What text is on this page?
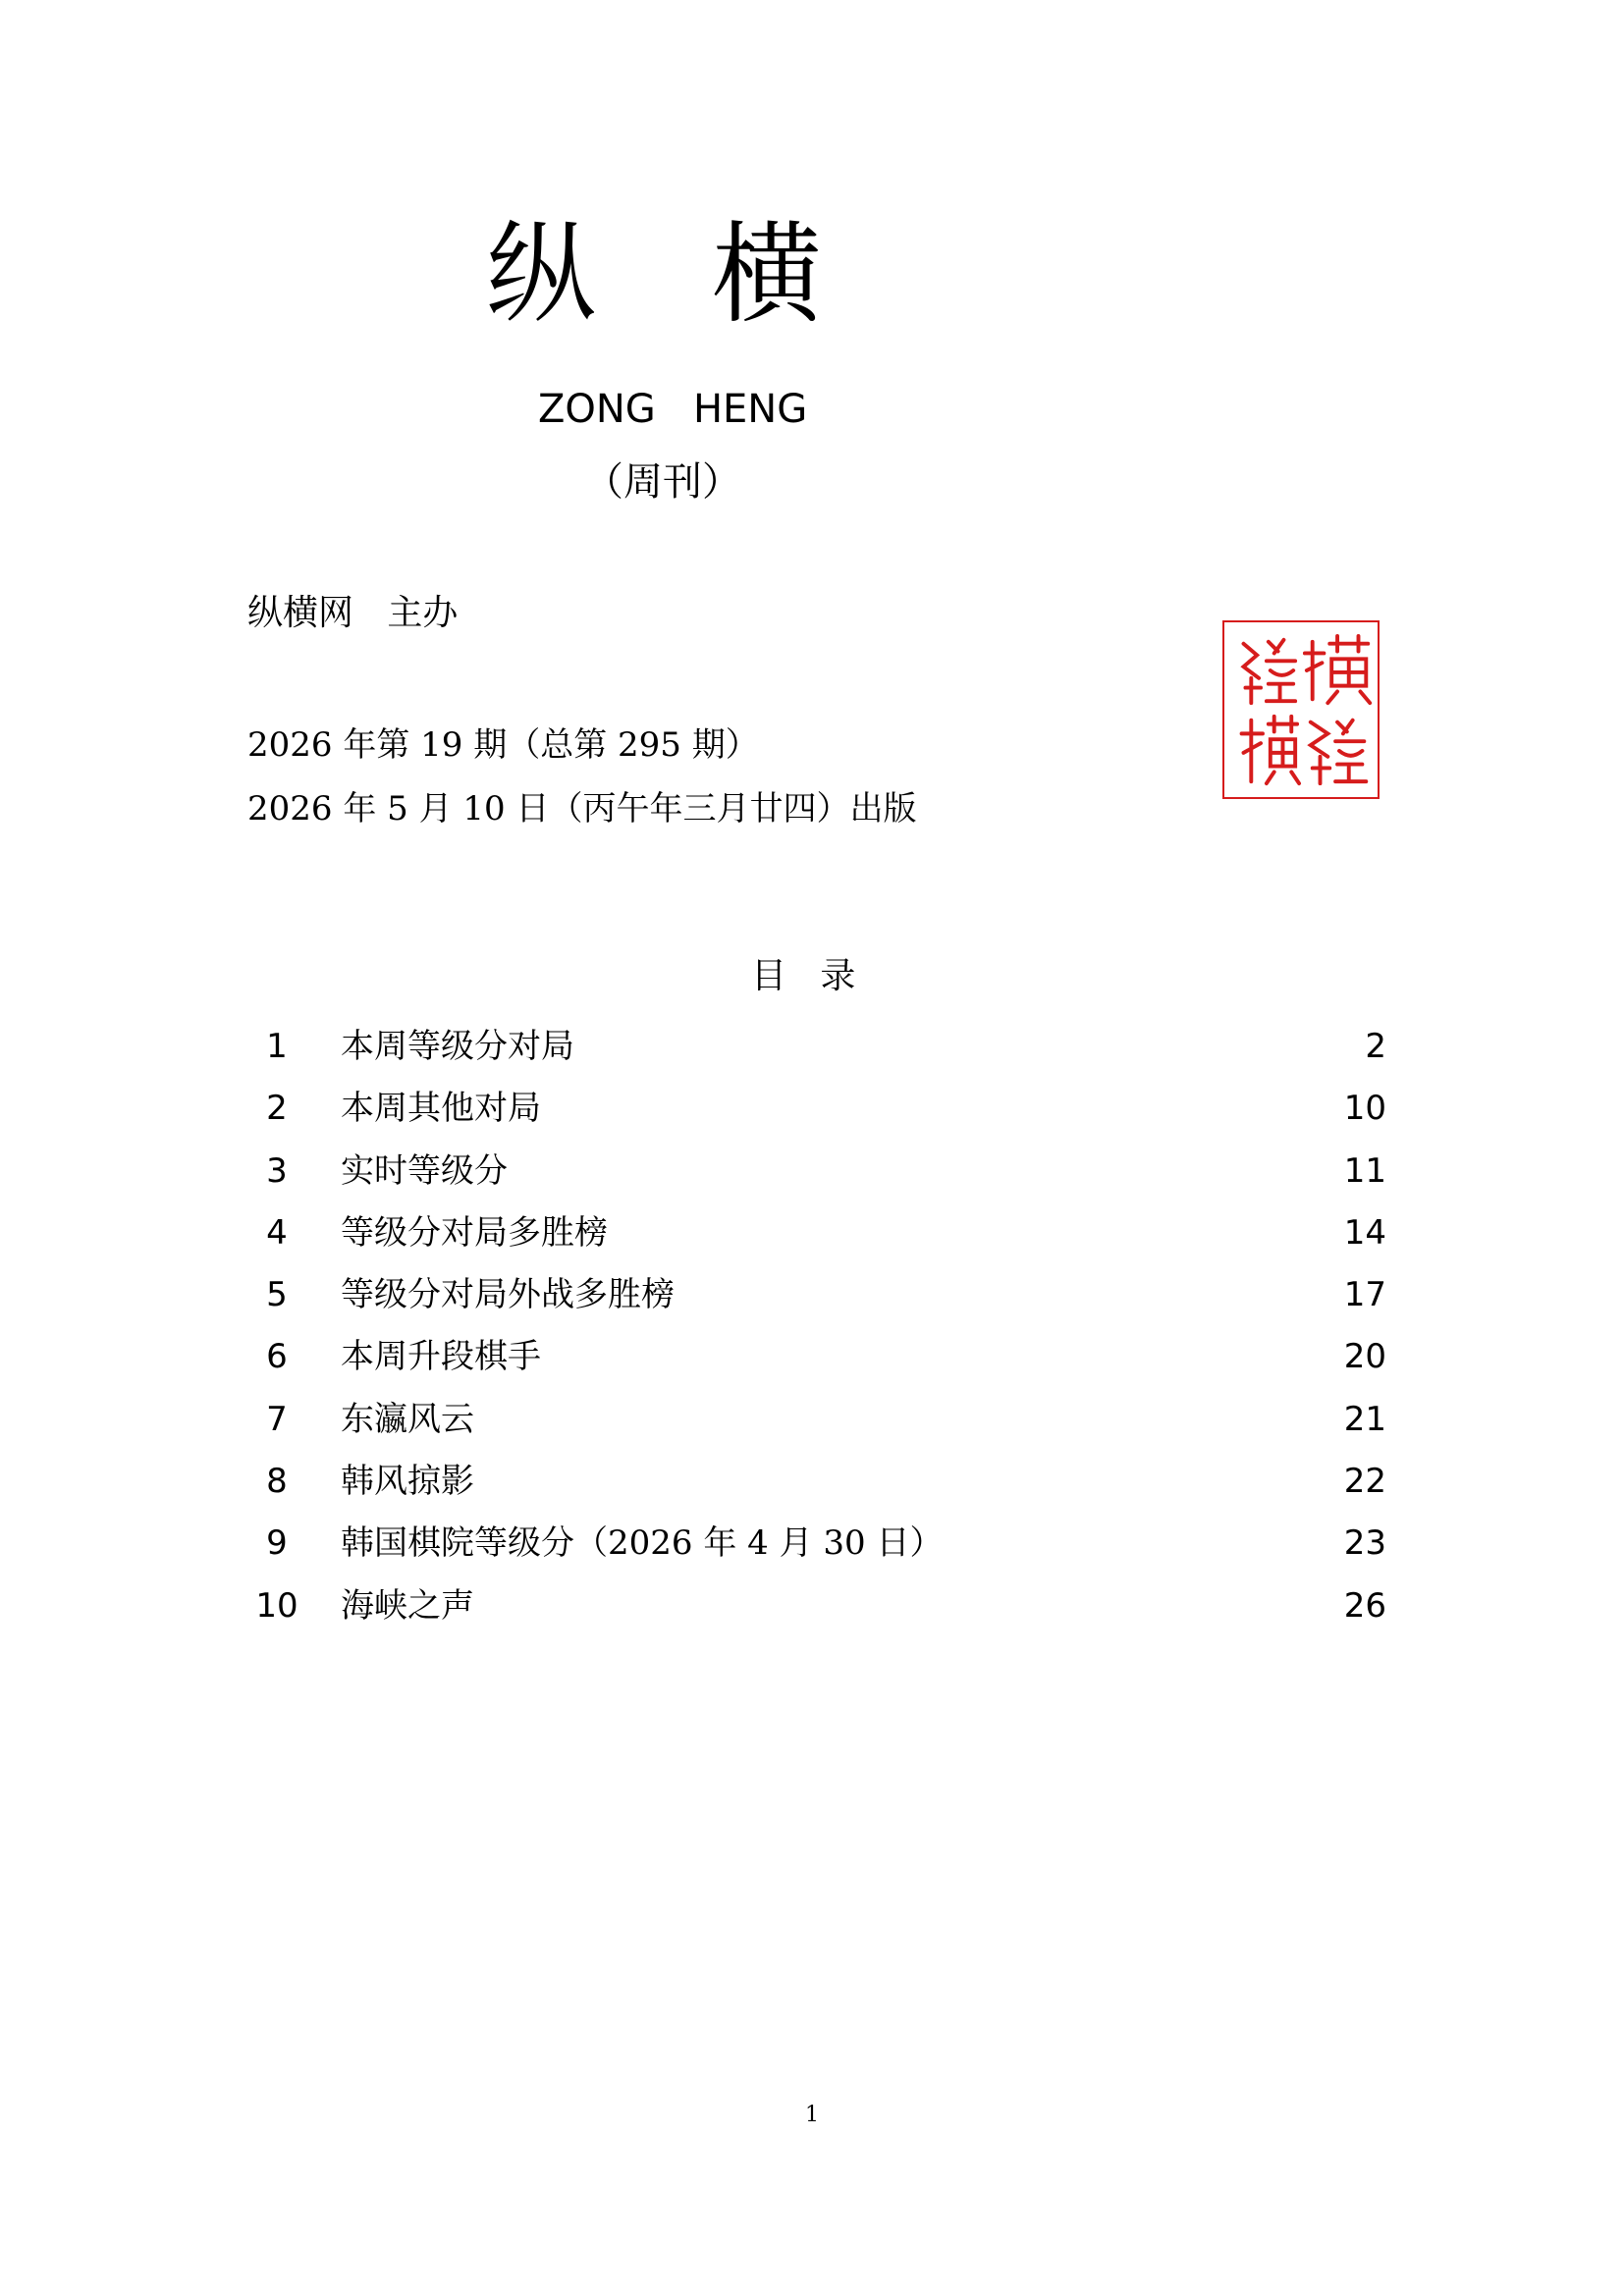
纵 横
ZONG   HENG
（周刊）
纵横网   主办
2026 年第 19 期（总第 295 期）
2026 年 5 月 10 日（丙午年三月廿四）出版
目   录
1	本周等级分对局	2
2	本周其他对局	10
3	实时等级分	11
4	等级分对局多胜榜	14
5	等级分对局外战多胜榜	17
6	本周升段棋手	20
7	东瀛风云	21
8	韩风掠影	22
9	韩国棋院等级分（2026 年 4 月 30 日）	23
10 海峡之声	26
1
